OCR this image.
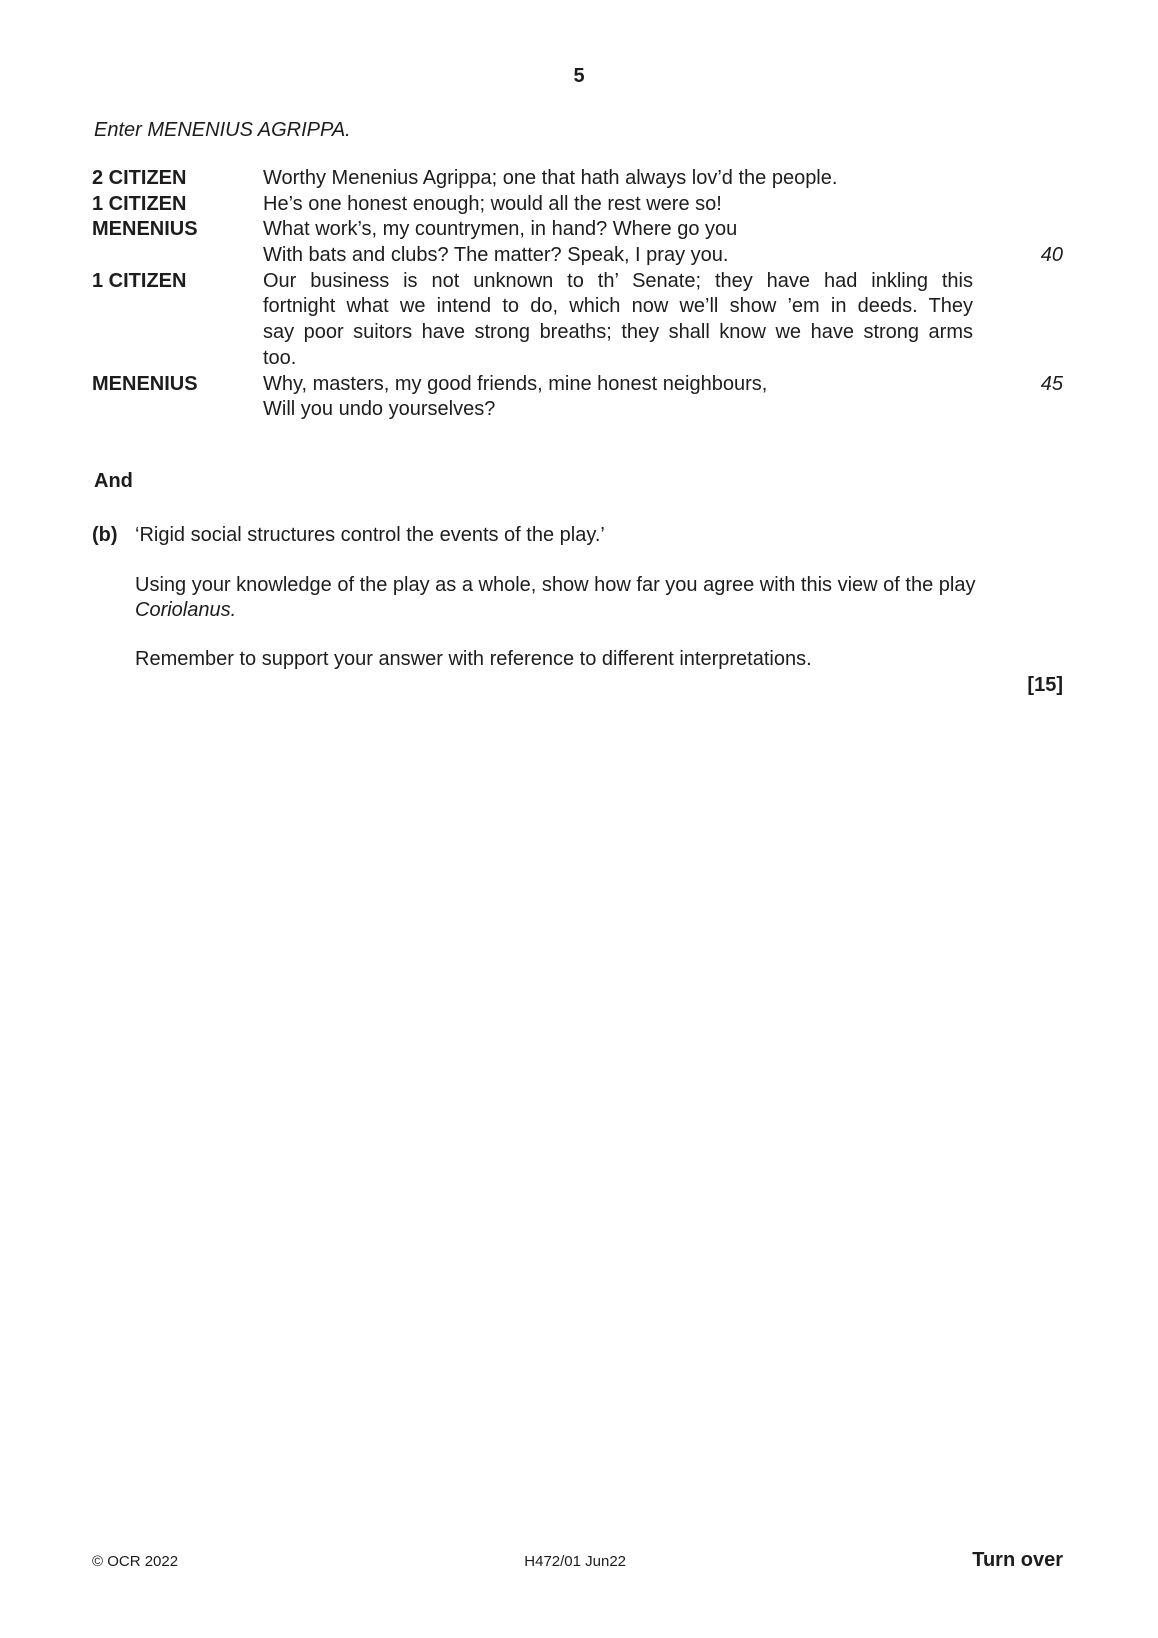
5
Enter MENENIUS AGRIPPA.
2 CITIZEN	Worthy Menenius Agrippa; one that hath always lov’d the people.
1 CITIZEN	He’s one honest enough; would all the rest were so!
MENENIUS	What work’s, my countrymen, in hand? Where go you
With bats and clubs? The matter? Speak, I pray you.	40
1 CITIZEN	Our business is not unknown to th’ Senate; they have had inkling this
fortnight what we intend to do, which now we’ll show ’em in deeds. They
say poor suitors have strong breaths; they shall know we have strong arms
too.
MENENIUS	Why, masters, my good friends, mine honest neighbours,	45
Will you undo yourselves?
And
(b) ‘Rigid social structures control the events of the play.’
Using your knowledge of the play as a whole, show how far you agree with this view of the play Coriolanus.
Remember to support your answer with reference to different interpretations.
[15]
© OCR 2022	H472/01 Jun22	Turn over
